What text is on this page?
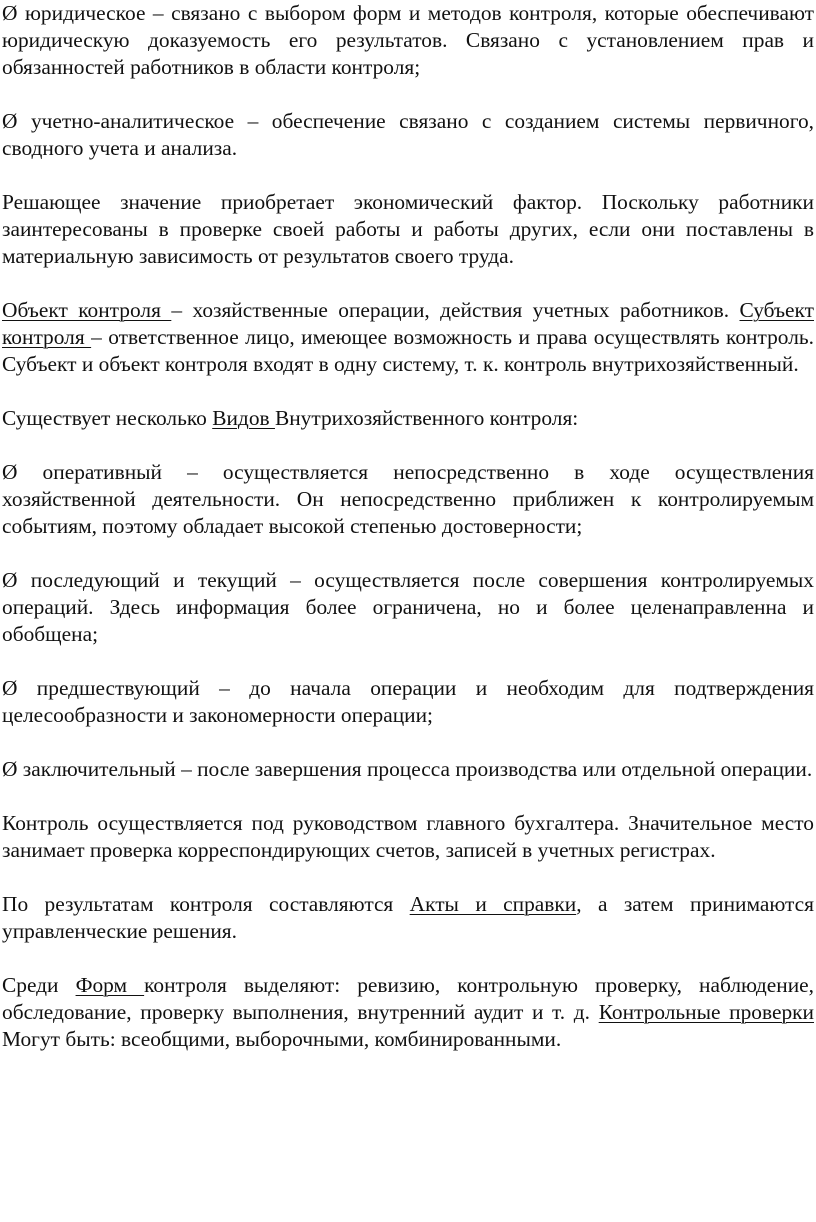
Ø юридическое – связано с выбором форм и методов контроля, которые обеспечивают юридическую доказуемость его результатов. Связано с установлением прав и обязанностей работников в области контроля;

Ø учетно-аналитическое – обеспечение связано с созданием системы первичного, сводного учета и анализа.

Решающее значение приобретает экономический фактор. Поскольку работники заинтересованы в проверке своей работы и работы других, если они поставлены в материальную зависимость от результатов своего труда.

Объект контроля – хозяйственные операции, действия учетных работников. Субъект контроля – ответственное лицо, имеющее возможность и права осуществлять контроль. Субъект и объект контроля входят в одну систему, т. к. контроль внутрихозяйственный.

Существует несколько Видов Внутрихозяйственного контроля:

Ø оперативный – осуществляется непосредственно в ходе осуществления хозяйственной деятельности. Он непосредственно приближен к контролируемым событиям, поэтому обладает высокой степенью достоверности;

Ø последующий и текущий – осуществляется после совершения контролируемых операций. Здесь информация более ограничена, но и более целенаправленна и обобщена;

Ø предшествующий – до начала операции и необходим для подтверждения целесообразности и закономерности операции;

Ø заключительный – после завершения процесса производства или отдельной операции.

Контроль осуществляется под руководством главного бухгалтера. Значительное место занимает проверка корреспондирующих счетов, записей в учетных регистрах.

По результатам контроля составляются Акты и справки, а затем принимаются управленческие решения.

Среди Форм контроля выделяют: ревизию, контрольную проверку, наблюдение, обследование, проверку выполнения, внутренний аудит и т. д. Контрольные проверки Могут быть: всеобщими, выборочными, комбинированными.
